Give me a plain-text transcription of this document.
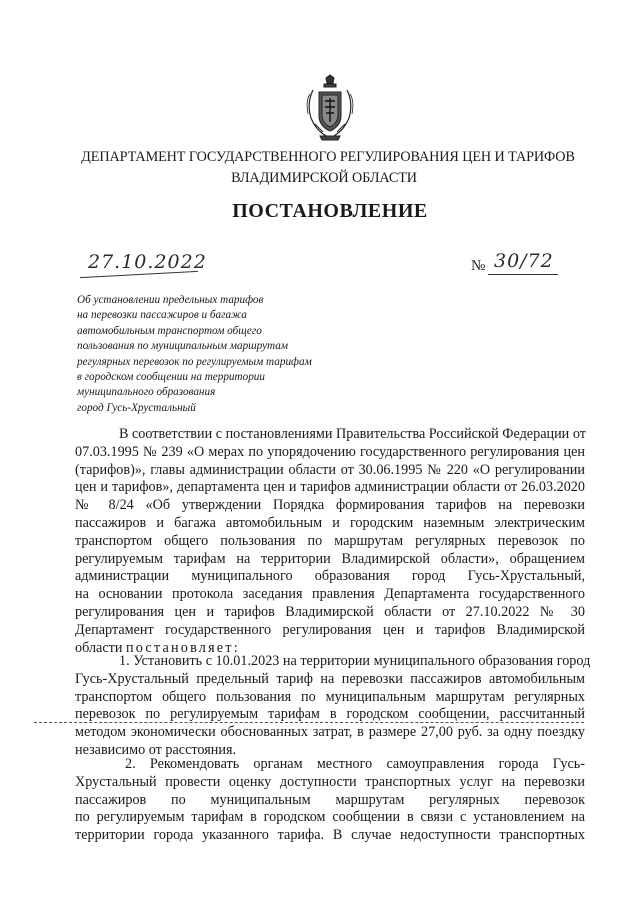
ДЕПАРТАМЕНТ ГОСУДАРСТВЕННОГО РЕГУЛИРОВАНИЯ ЦЕН И ТАРИФОВ
ВЛАДИМИРСКОЙ ОБЛАСТИ
ПОСТАНОВЛЕНИЕ
27.10.2022	№ 30/72
Об установлении предельных тарифов
на перевозки пассажиров и багажа
автомобильным транспортом общего
пользования по муниципальным маршрутам
регулярных перевозок по регулируемым тарифам
в городском сообщении на территории
муниципального образования
город Гусь-Хрустальный
В соответствии с постановлениями Правительства Российской Федерации от
07.03.1995 № 239 «О мерах по упорядочению государственного регулирования цен
(тарифов)», главы администрации области от 30.06.1995 № 220 «О регулировании
цен и тарифов», департамента цен и тарифов администрации области от 26.03.2020
№ 8/24 «Об утверждении Порядка формирования тарифов на перевозки
пассажиров и багажа автомобильным и городским наземным электрическим
транспортом общего пользования по маршрутам регулярных перевозок по
регулируемым тарифам на территории Владимирской области», обращением
администрации муниципального образования город Гусь-Хрустальный,
на основании протокола заседания правления Департамента государственного
регулирования цен и тарифов Владимирской области от 27.10.2022 № 30
Департамент государственного регулирования цен и тарифов Владимирской
области постановляет:
1. Установить с 10.01.2023 на территории муниципального образования город
Гусь-Хрустальный предельный тариф на перевозки пассажиров автомобильным
транспортом общего пользования по муниципальным маршрутам регулярных
перевозок по регулируемым тарифам в городском сообщении, рассчитанный
методом экономически обоснованных затрат, в размере 27,00 руб. за одну поездку
независимо от расстояния.
2. Рекомендовать органам местного самоуправления города Гусь-
Хрустальный провести оценку доступности транспортных услуг на перевозки
пассажиров по муниципальным маршрутам регулярных перевозок
по регулируемым тарифам в городском сообщении в связи с установлением на
территории города указанного тарифа. В случае недоступности транспортных
